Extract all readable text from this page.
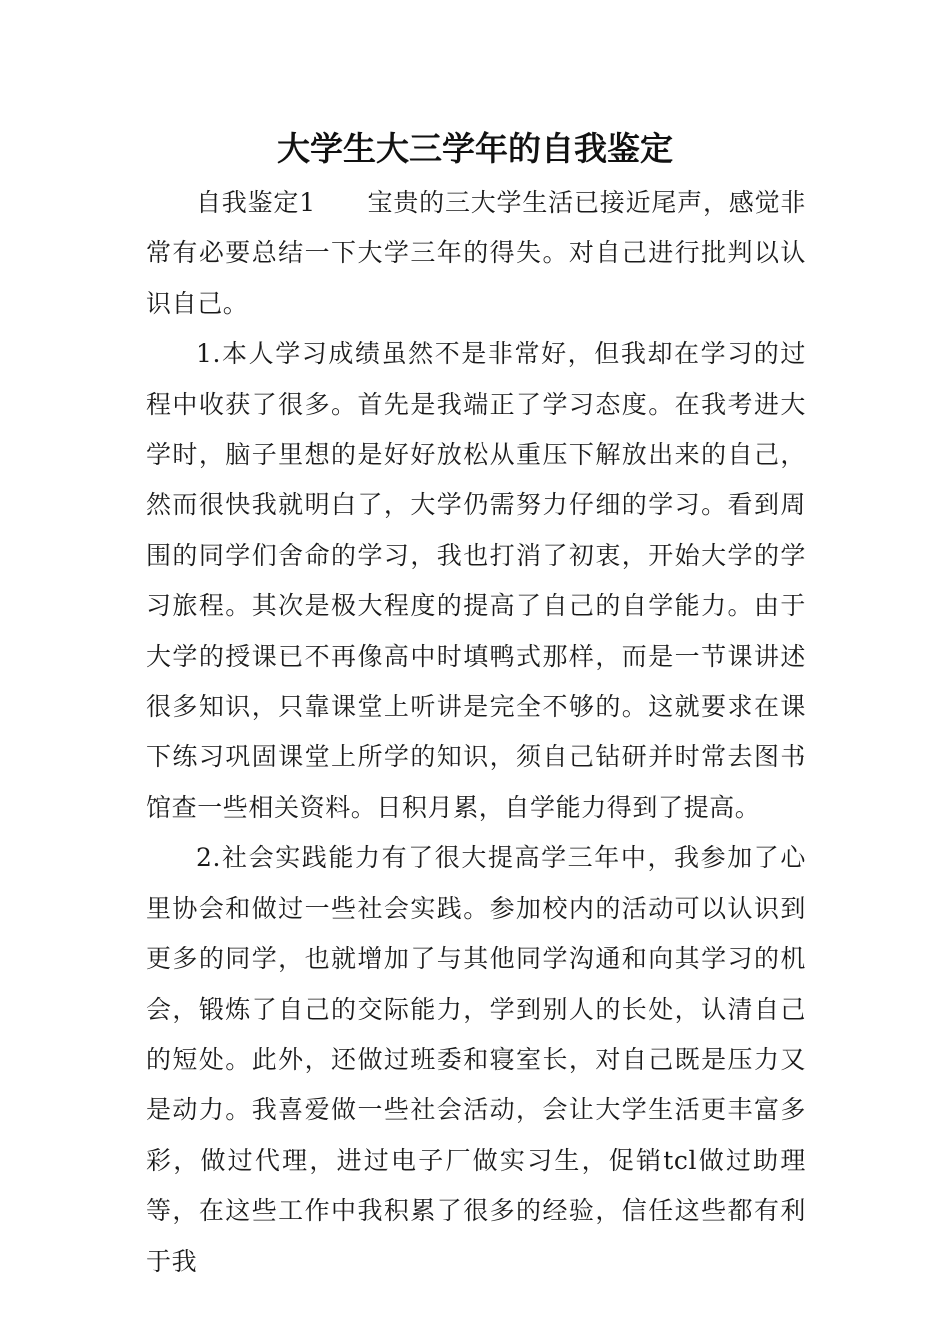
大学生大三学年的自我鉴定

自我鉴定1　　宝贵的三大学生活已接近尾声，感觉非常有必要总结一下大学三年的得失。对自己进行批判以认识自己。

1.本人学习成绩虽然不是非常好，但我却在学习的过程中收获了很多。首先是我端正了学习态度。在我考进大学时，脑子里想的是好好放松从重压下解放出来的自己，然而很快我就明白了，大学仍需努力仔细的学习。看到周围的同学们舍命的学习，我也打消了初衷，开始大学的学习旅程。其次是极大程度的提高了自己的自学能力。由于大学的授课已不再像高中时填鸭式那样，而是一节课讲述很多知识，只靠课堂上听讲是完全不够的。这就要求在课下练习巩固课堂上所学的知识，须自己钻研并时常去图书馆查一些相关资料。日积月累，自学能力得到了提高。

2.社会实践能力有了很大提高学三年中，我参加了心里协会和做过一些社会实践。参加校内的活动可以认识到更多的同学，也就增加了与其他同学沟通和向其学习的机会，锻炼了自己的交际能力，学到别人的长处，认清自己的短处。此外，还做过班委和寝室长，对自己既是压力又是动力。我喜爱做一些社会活动，会让大学生活更丰富多彩，做过代理，进过电子厂做实习生，促销tcl做过助理等，在这些工作中我积累了很多的经验，信任这些都有利于我
